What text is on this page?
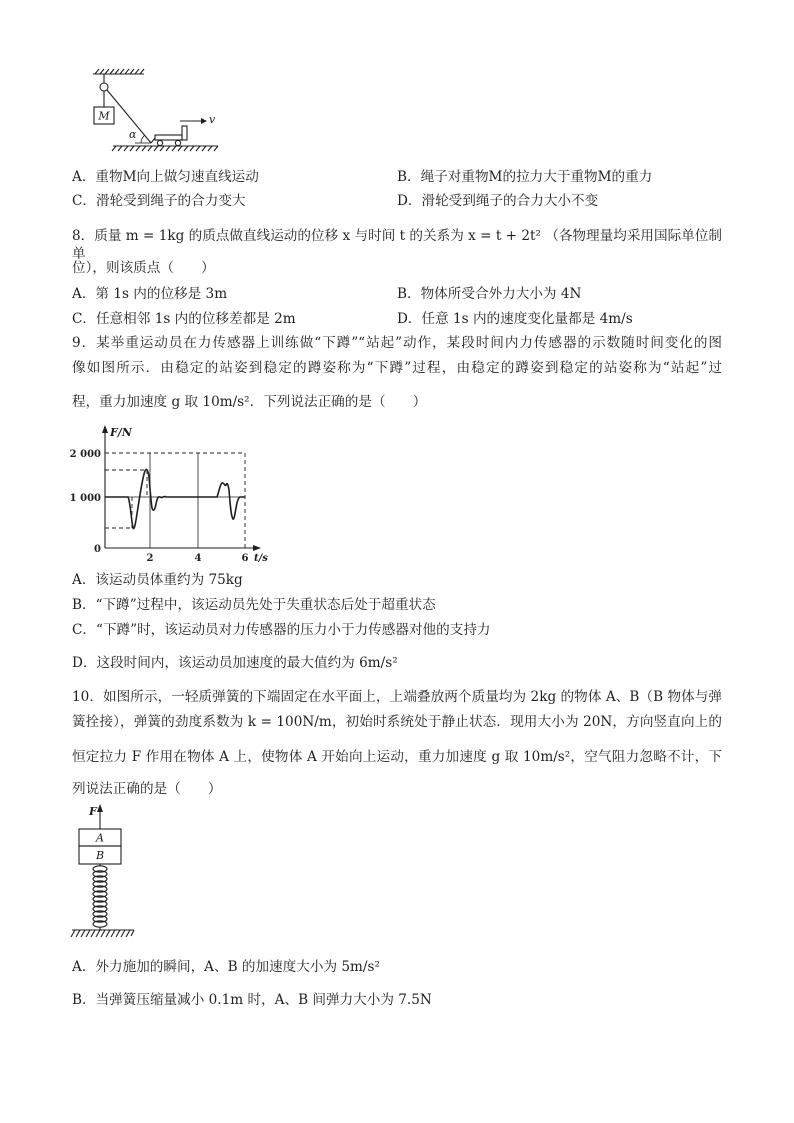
M
α
v
A．重物M向上做匀速直线运动	B．绳子对重物M的拉力大于重物M的重力
C．滑轮受到绳子的合力变大	D．滑轮受到绳子的合力大小不变
8．质量 m = 1kg 的质点做直线运动的位移 x 与时间 t 的关系为 x = t + 2t² （各物理量均采用国际单位制单
位），则该质点（　　）
A．第 1s 内的位移是 3m	B．物体所受合外力大小为 4N
C．任意相邻 1s 内的位移差都是 2m	D．任意 1s 内的速度变化量都是 4m/s
9．某举重运动员在力传感器上训练做“下蹲”“站起”动作，某段时间内力传感器的示数随时间变化的图
像如图所示．由稳定的站姿到稳定的蹲姿称为“下蹲”过程，由稳定的蹲姿到稳定的站姿称为“站起”过
程，重力加速度 g 取 10m/s²．下列说法正确的是（　　）
F/N
2 000
1 000
0
2	4	6 t/s
A．该运动员体重约为 75kg
B．“下蹲”过程中，该运动员先处于失重状态后处于超重状态
C．“下蹲”时，该运动员对力传感器的压力小于力传感器对他的支持力
D．这段时间内，该运动员加速度的最大值约为 6m/s²
10．如图所示，一轻质弹簧的下端固定在水平面上，上端叠放两个质量均为 2kg 的物体 A、B（B 物体与弹
簧拴接），弹簧的劲度系数为 k = 100N/m，初始时系统处于静止状态．现用大小为 20N，方向竖直向上的
恒定拉力 F 作用在物体 A 上，使物体 A 开始向上运动，重力加速度 g 取 10m/s²，空气阻力忽略不计，下
列说法正确的是（　　）
F
A
B
A．外力施加的瞬间，A、B 的加速度大小为 5m/s²
B．当弹簧压缩量减小 0.1m 时，A、B 间弹力大小为 7.5N
